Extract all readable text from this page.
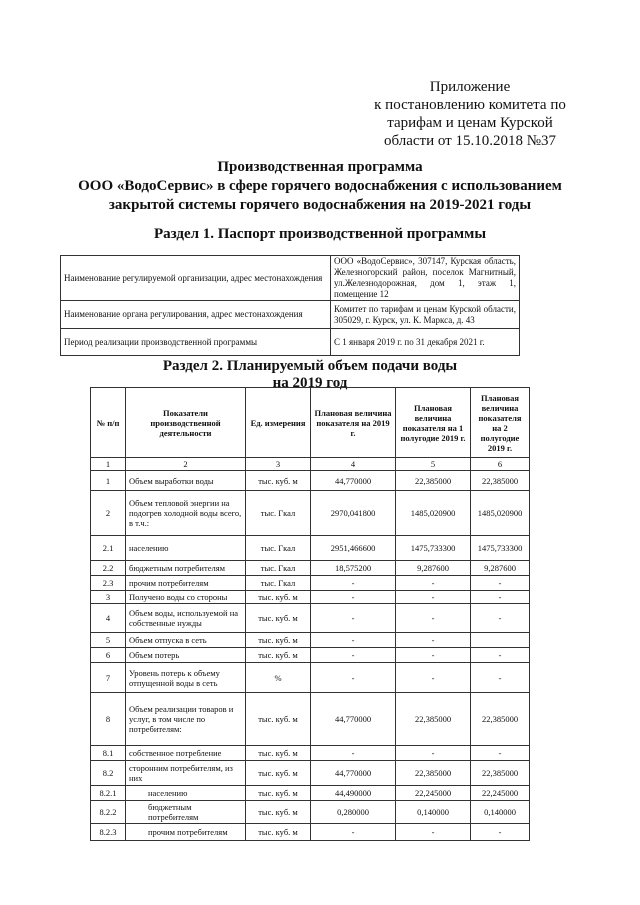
Приложение
к постановлению комитета по
тарифам и ценам Курской
области от 15.10.2018 №37
Производственная программа
ООО «ВодоСервис» в сфере горячего водоснабжения с использованием
закрытой системы горячего водоснабжения на 2019-2021 годы
Раздел 1. Паспорт производственной программы
Наименование регулируемой организации, адрес местонахождения	ООО «ВодоСервис», 307147, Курская область, Железногорский район, поселок Магнитный, ул.Железнодорожная, дом 1, этаж 1, помещение 12
Наименование органа регулирования, адрес местонахождения	Комитет по тарифам и ценам Курской области, 305029, г. Курск, ул. К. Маркса, д. 43
Период реализации производственной программы	С 1 января 2019 г. по 31 декабря 2021 г.
Раздел 2. Планируемый объем подачи воды
на 2019 год
№ п/п	Показатели производственной деятельности	Ед. измерения	Плановая величина показателя на 2019 г.	Плановая величина показателя на 1 полугодие 2019 г.	Плановая величина показателя на 2 полугодие 2019 г.
1	2	3	4	5	6
1	Объем выработки воды	тыс. куб. м	44,770000	22,385000	22,385000
2	Объем тепловой энергии на подогрев холодной воды всего, в т.ч.:	тыс. Гкал	2970,041800	1485,020900	1485,020900
2.1	населению	тыс. Гкал	2951,466600	1475,733300	1475,733300
2.2	бюджетным потребителям	тыс. Гкал	18,575200	9,287600	9,287600
2.3	прочим потребителям	тыс. Гкал	-	-	-
3	Получено воды со стороны	тыс. куб. м	-	-	-
4	Объем воды, используемой на собственные нужды	тыс. куб. м	-	-	-
5	Объем отпуска в сеть	тыс. куб. м	-	-	
6	Объем потерь	тыс. куб. м	-	-	-
7	Уровень потерь к объему отпущенной воды в сеть	%	-	-	-
8	Объем реализации товаров и услуг, в том числе по потребителям:	тыс. куб. м	44,770000	22,385000	22,385000
8.1	собственное потребление	тыс. куб. м	-	-	-
8.2	сторонним потребителям, из них	тыс. куб. м	44,770000	22,385000	22,385000
8.2.1	населению	тыс. куб. м	44,490000	22,245000	22,245000
8.2.2	бюджетным потребителям	тыс. куб. м	0,280000	0,140000	0,140000
8.2.3	прочим потребителям	тыс. куб. м	-	-	-
